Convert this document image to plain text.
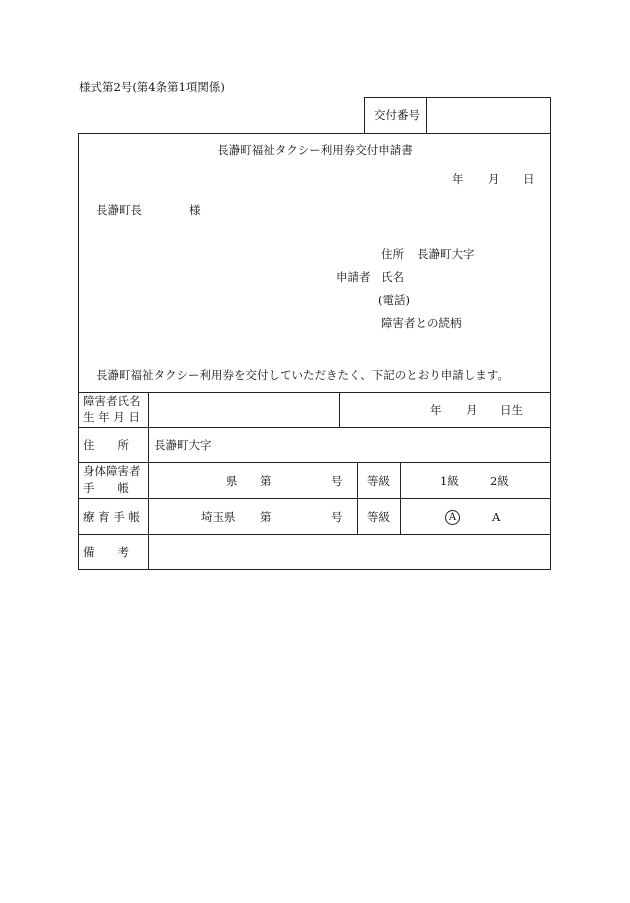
様式第2号(第4条第1項関係)
交付番号
長瀞町福祉タクシー利用券交付申請書
年 月 日
長瀞町長	様
住所 長瀞町大字
申請者 氏名
(電話)
障害者との続柄
長瀞町福祉タクシー利用券を交付していただきたく、下記のとおり申請します。
障害者氏名
生 年 月 日	年 月 日生
住　　所 長瀞町大字
身体障害者
手　　帳	県 第	号 等級	1級	2級
療 育 手 帳	埼玉県 第	号 等級	A	A
備　　考
